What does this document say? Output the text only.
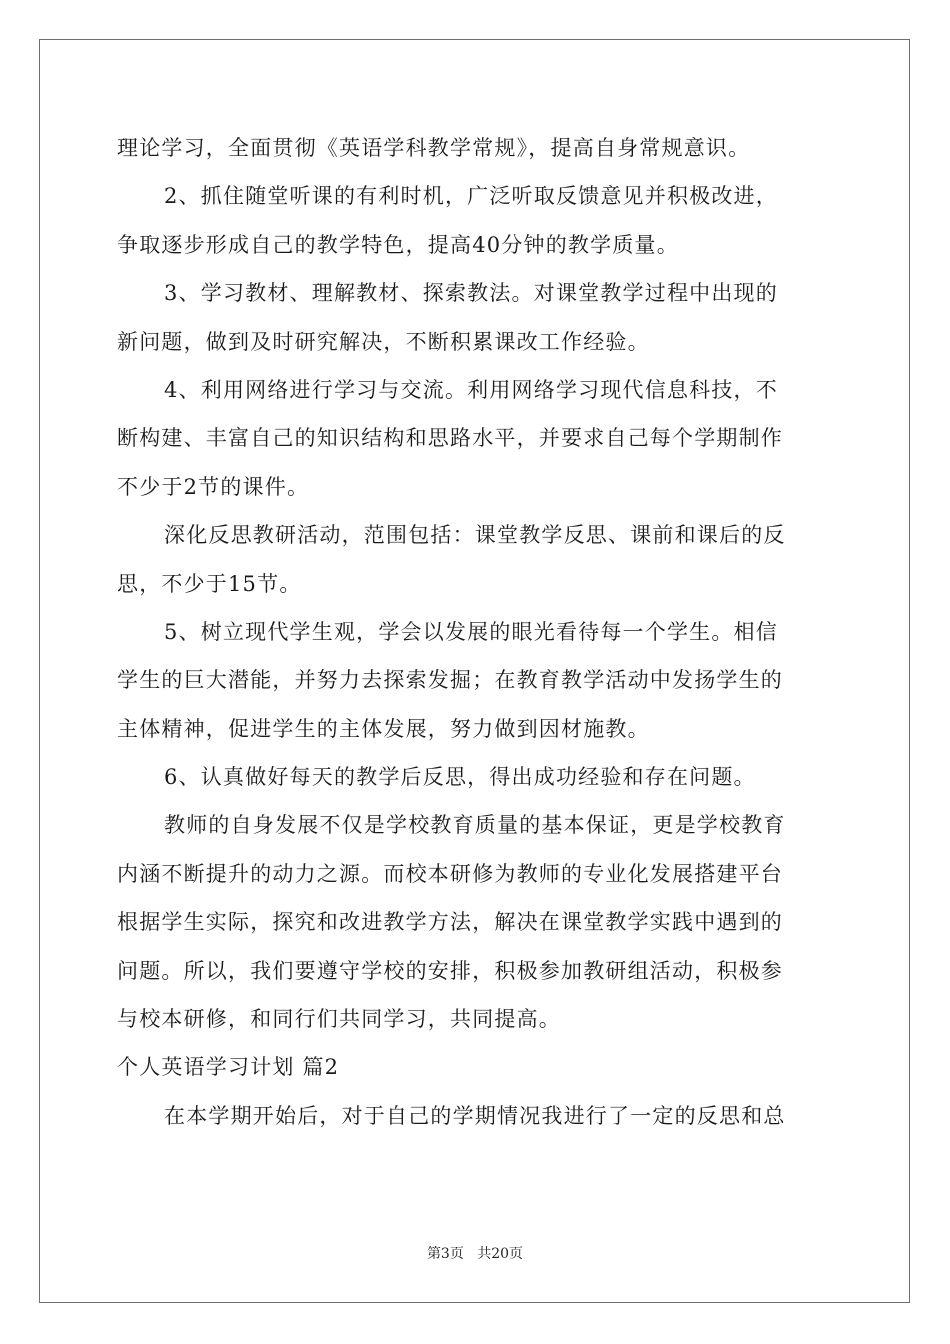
理论学习，全面贯彻《英语学科教学常规》，提高自身常规意识。
2、抓住随堂听课的有利时机，广泛听取反馈意见并积极改进，
争取逐步形成自己的教学特色，提高40分钟的教学质量。
3、学习教材、理解教材、探索教法。对课堂教学过程中出现的
新问题，做到及时研究解决，不断积累课改工作经验。
4、利用网络进行学习与交流。利用网络学习现代信息科技，不
断构建、丰富自己的知识结构和思路水平，并要求自己每个学期制作
不少于2节的课件。
深化反思教研活动，范围包括：课堂教学反思、课前和课后的反
思，不少于15节。
5、树立现代学生观，学会以发展的眼光看待每一个学生。相信
学生的巨大潜能，并努力去探索发掘；在教育教学活动中发扬学生的
主体精神，促进学生的主体发展，努力做到因材施教。
6、认真做好每天的教学后反思，得出成功经验和存在问题。
教师的自身发展不仅是学校教育质量的基本保证，更是学校教育
内涵不断提升的动力之源。而校本研修为教师的专业化发展搭建平台
根据学生实际，探究和改进教学方法，解决在课堂教学实践中遇到的
问题。所以，我们要遵守学校的安排，积极参加教研组活动，积极参
与校本研修，和同行们共同学习，共同提高。
个人英语学习计划 篇2
在本学期开始后，对于自己的学期情况我进行了一定的反思和总
第3页 共20页
